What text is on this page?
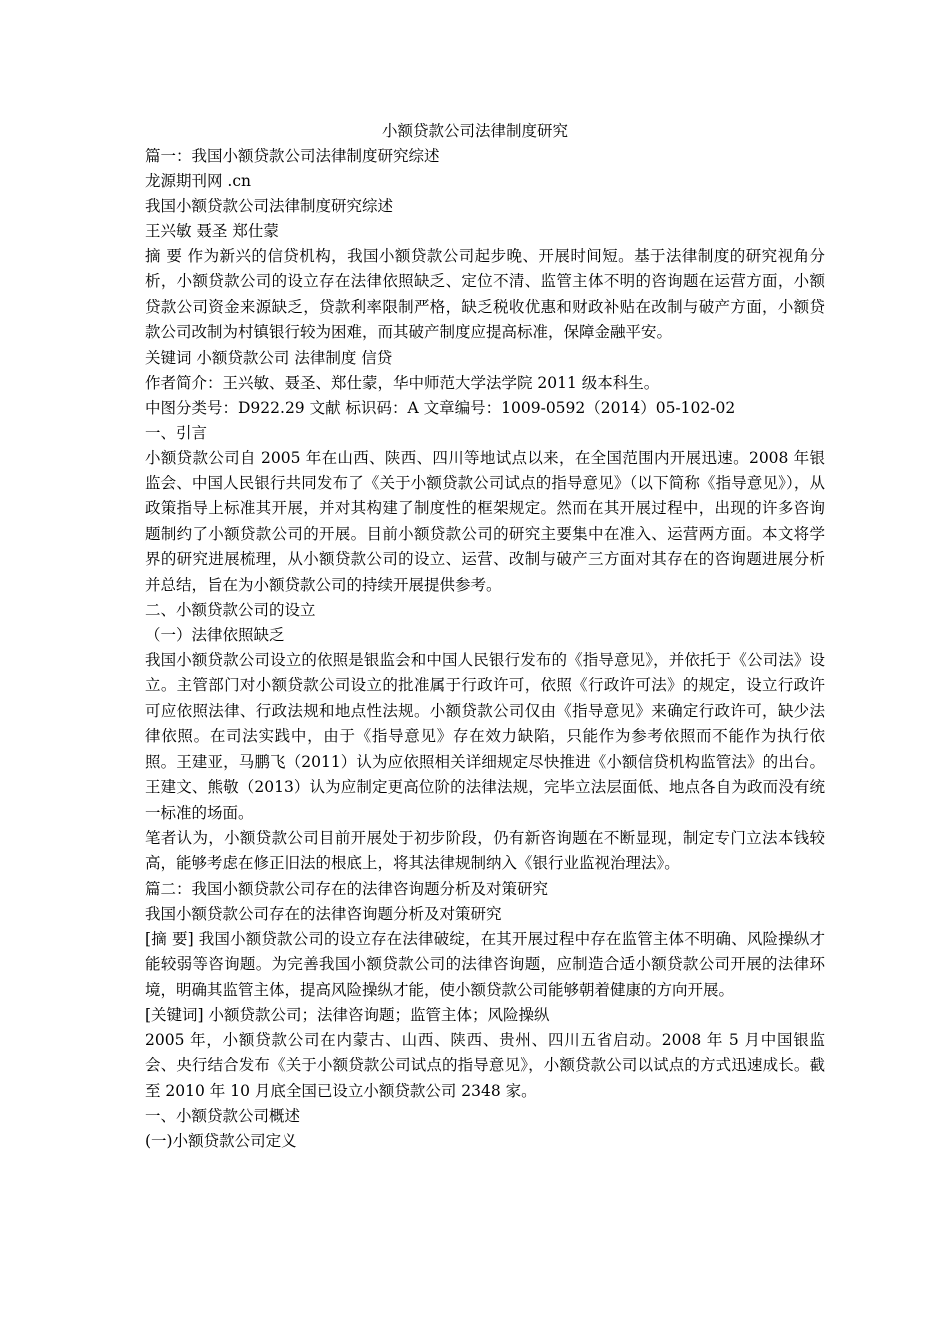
小额贷款公司法律制度研究
篇一：我国小额贷款公司法律制度研究综述
龙源期刊网 .cn
我国小额贷款公司法律制度研究综述
王兴敏 聂圣 郑仕蒙

摘 要 作为新兴的信贷机构，我国小额贷款公司起步晚、开展时间短。基于法律制度的研究视角分析，小额贷款公司的设立存在法律依照缺乏、定位不清、监管主体不明的咨询题在运营方面，小额贷款公司资金来源缺乏，贷款利率限制严格，缺乏税收优惠和财政补贴在改制与破产方面，小额贷款公司改制为村镇银行较为困难，而其破产制度应提高标准，保障金融平安。

关键词 小额贷款公司 法律制度 信贷
作者简介：王兴敏、聂圣、郑仕蒙，华中师范大学法学院 2011 级本科生。
中图分类号：D922.29 文献 标识码：A 文章编号：1009-0592（2014）05-102-02
一、引言

小额贷款公司自 2005 年在山西、陕西、四川等地试点以来，在全国范围内开展迅速。2008 年银监会、中国人民银行共同发布了《关于小额贷款公司试点的指导意见》（以下简称《指导意见》），从政策指导上标准其开展，并对其构建了制度性的框架规定。然而在其开展过程中，出现的许多咨询题制约了小额贷款公司的开展。目前小额贷款公司的研究主要集中在准入、运营两方面。本文将学界的研究进展梳理，从小额贷款公司的设立、运营、改制与破产三方面对其存在的咨询题进展分析并总结，旨在为小额贷款公司的持续开展提供参考。

二、小额贷款公司的设立
（一）法律依照缺乏

我国小额贷款公司设立的依照是银监会和中国人民银行发布的《指导意见》，并依托于《公司法》设立。主管部门对小额贷款公司设立的批准属于行政许可，依照《行政许可法》的规定，设立行政许可应依照法律、行政法规和地点性法规。小额贷款公司仅由《指导意见》来确定行政许可，缺少法律依照。在司法实践中，由于《指导意见》存在效力缺陷，只能作为参考依照而不能作为执行依照。王建亚，马鹏飞（2011）认为应依照相关详细规定尽快推进《小额信贷机构监管法》的出台。王建文、熊敬（2013）认为应制定更高位阶的法律法规，完毕立法层面低、地点各自为政而没有统一标准的场面。

笔者认为，小额贷款公司目前开展处于初步阶段，仍有新咨询题在不断显现，制定专门立法本钱较高，能够考虑在修正旧法的根底上，将其法律规制纳入《银行业监视治理法》。

篇二：我国小额贷款公司存在的法律咨询题分析及对策研究
我国小额贷款公司存在的法律咨询题分析及对策研究

[摘 要] 我国小额贷款公司的设立存在法律破绽，在其开展过程中存在监管主体不明确、风险操纵才能较弱等咨询题。为完善我国小额贷款公司的法律咨询题，应制造合适小额贷款公司开展的法律环境，明确其监管主体，提高风险操纵才能，使小额贷款公司能够朝着健康的方向开展。

[关键词] 小额贷款公司；法律咨询题；监管主体；风险操纵

2005 年，小额贷款公司在内蒙古、山西、陕西、贵州、四川五省启动。2008 年 5 月中国银监会、央行结合发布《关于小额贷款公司试点的指导意见》，小额贷款公司以试点的方式迅速成长。截至 2010 年 10 月底全国已设立小额贷款公司 2348 家。

一、小额贷款公司概述
(一)小额贷款公司定义
